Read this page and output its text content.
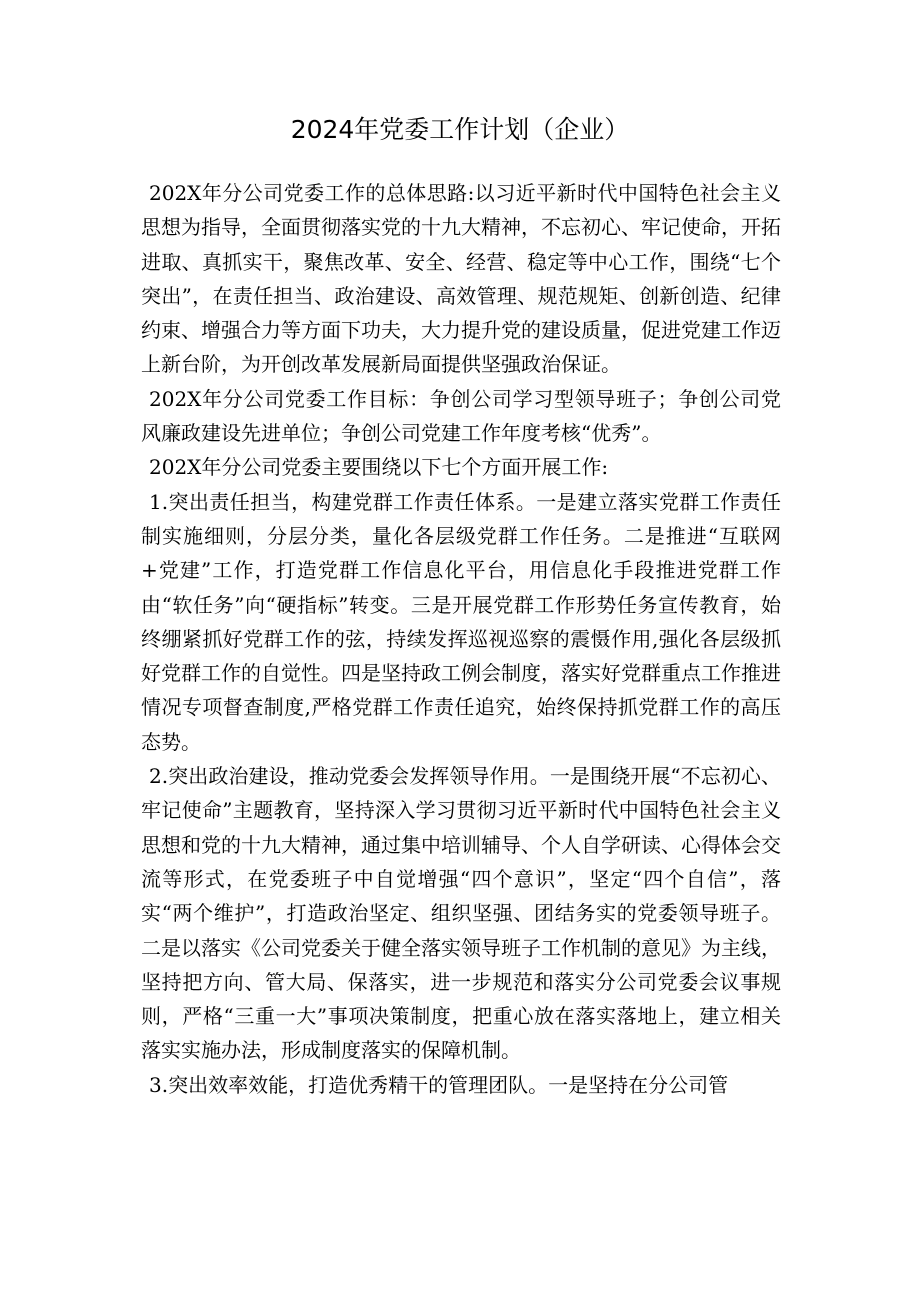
2024年党委工作计划（企业）

202X年分公司党委工作的总体思路:以习近平新时代中国特色社会主义思想为指导，全面贯彻落实党的十九大精神，不忘初心、牢记使命，开拓进取、真抓实干，聚焦改革、安全、经营、稳定等中心工作，围绕“七个突出”，在责任担当、政治建设、高效管理、规范规矩、创新创造、纪律约束、增强合力等方面下功夫，大力提升党的建设质量，促进党建工作迈上新台阶，为开创改革发展新局面提供坚强政治保证。

202X年分公司党委工作目标：争创公司学习型领导班子；争创公司党风廉政建设先进单位；争创公司党建工作年度考核“优秀”。

202X年分公司党委主要围绕以下七个方面开展工作:

1.突出责任担当，构建党群工作责任体系。一是建立落实党群工作责任制实施细则，分层分类，量化各层级党群工作任务。二是推进“互联网+党建”工作，打造党群工作信息化平台，用信息化手段推进党群工作由“软任务”向“硬指标”转变。三是开展党群工作形势任务宣传教育，始终绷紧抓好党群工作的弦，持续发挥巡视巡察的震慑作用,强化各层级抓好党群工作的自觉性。四是坚持政工例会制度，落实好党群重点工作推进情况专项督查制度,严格党群工作责任追究，始终保持抓党群工作的高压态势。

2.突出政治建设，推动党委会发挥领导作用。一是围绕开展“不忘初心、牢记使命”主题教育，坚持深入学习贯彻习近平新时代中国特色社会主义思想和党的十九大精神，通过集中培训辅导、个人自学研读、心得体会交流等形式，在党委班子中自觉增强“四个意识”，坚定“四个自信”，落实“两个维护”，打造政治坚定、组织坚强、团结务实的党委领导班子。二是以落实《公司党委关于健全落实领导班子工作机制的意见》为主线，坚持把方向、管大局、保落实，进一步规范和落实分公司党委会议事规则，严格“三重一大”事项决策制度，把重心放在落实落地上，建立相关落实实施办法，形成制度落实的保障机制。

3.突出效率效能，打造优秀精干的管理团队。一是坚持在分公司管
